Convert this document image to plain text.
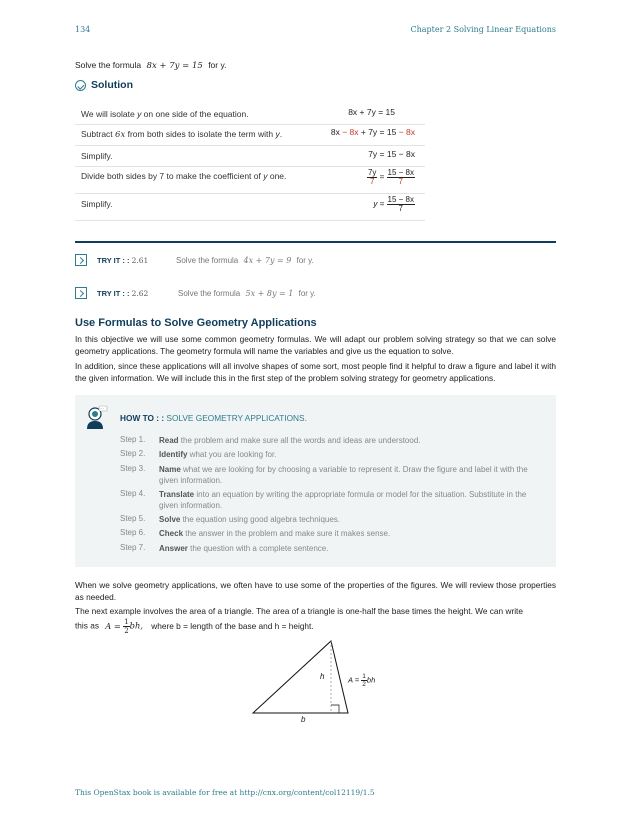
134	Chapter 2 Solving Linear Equations
Solve the formula 8x + 7y = 15 for y.
Solution
We will isolate y on one side of the equation.	8x + 7y = 15
Subtract 6x from both sides to isolate the term with y.	8x − 8x + 7y = 15 − 8x
Simplify.	7y = 15 − 8x
Divide both sides by 7 to make the coefficient of y one.	$\frac{7y}{7} = \frac{15 - 8x}{7}$
Simplify.	$y = \frac{15 - 8x}{7}$
TRY IT : : 2.61	Solve the formula 4x + 7y = 9 for y.
TRY IT : : 2.62	Solve the formula 5x + 8y = 1 for y.
Use Formulas to Solve Geometry Applications
In this objective we will use some common geometry formulas. We will adapt our problem solving strategy so that we can solve geometry applications. The geometry formula will name the variables and give us the equation to solve.
In addition, since these applications will all involve shapes of some sort, most people find it helpful to draw a figure and label it with the given information. We will include this in the first step of the problem solving strategy for geometry applications.
···
HOW TO : : SOLVE GEOMETRY APPLICATIONS.
Step 1. Read the problem and make sure all the words and ideas are understood.
Step 2. Identify what you are looking for.
Step 3. Name what we are looking for by choosing a variable to represent it. Draw the figure and label it with the given information.
Step 4. Translate into an equation by writing the appropriate formula or model for the situation. Substitute in the given information.
Step 5. Solve the equation using good algebra techniques.
Step 6. Check the answer in the problem and make sure it makes sense.
Step 7. Answer the question with a complete sentence.
When we solve geometry applications, we often have to use some of the properties of the figures. We will review those properties as needed.
The next example involves the area of a triangle. The area of a triangle is one-half the base times the height. We can write
this as $A = \frac{1}{2}$ bh, where b = length of the base and h = height.
h
b
$A = \frac{1}{2}$ bh
This OpenStax book is available for free at http://cnx.org/content/col12119/1.5
